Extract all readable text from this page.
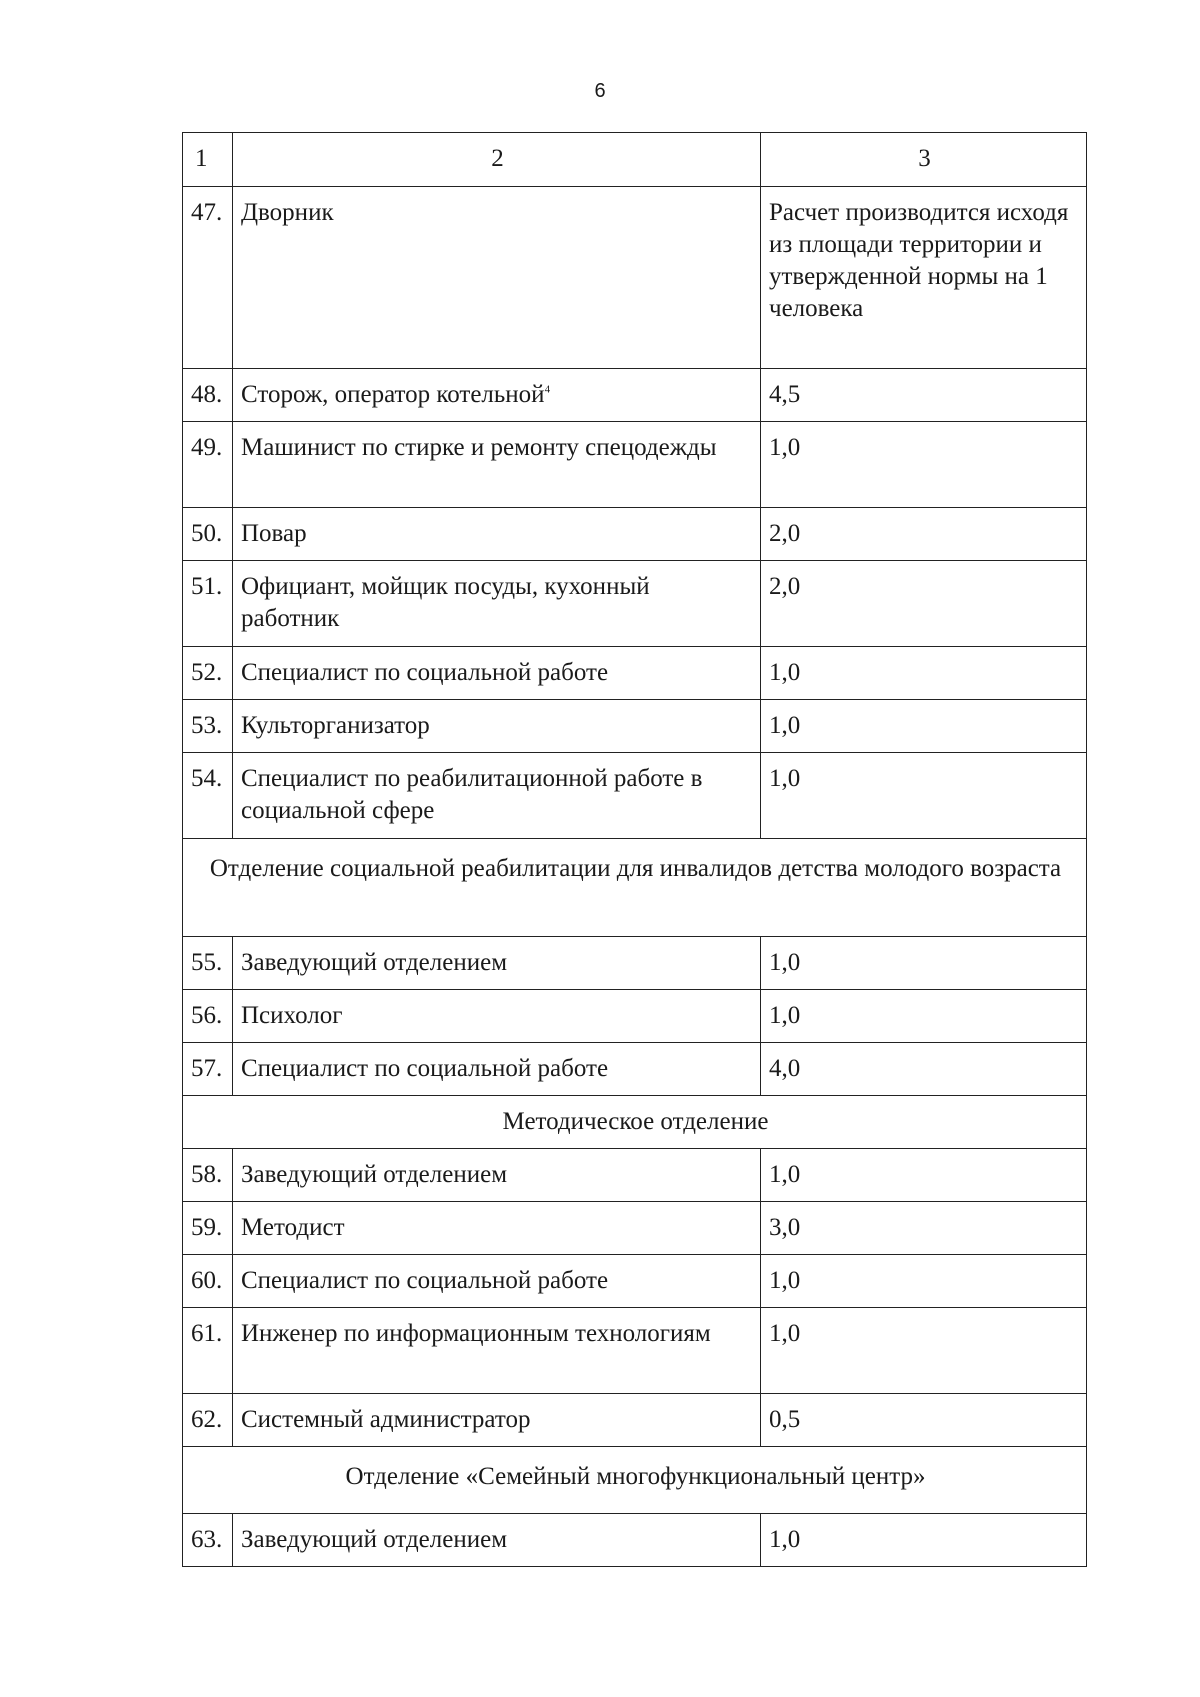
6
1	2	3
47.	Дворник	Расчет производится исходя из площади территории и утвержденной нормы на 1 человека
48.	Сторож, оператор котельной$^4$	4,5
49.	Машинист по стирке и ремонту спецодежды	1,0
50.	Повар	2,0
51.	Официант, мойщик посуды, кухонный работник	2,0
52.	Специалист по социальной работе	1,0
53.	Культорганизатор	1,0
54.	Специалист по реабилитационной работе в социальной сфере	1,0
Отделение социальной реабилитации для инвалидов детства молодого возраста		
55.	Заведующий отделением	1,0
56.	Психолог	1,0
57.	Специалист по социальной работе	4,0
Методическое отделение		
58.	Заведующий отделением	1,0
59.	Методист	3,0
60.	Специалист по социальной работе	1,0
61.	Инженер по информационным технологиям	1,0
62.	Системный администратор	0,5
Отделение «Семейный многофункциональный центр»		
63.	Заведующий отделением	1,0
